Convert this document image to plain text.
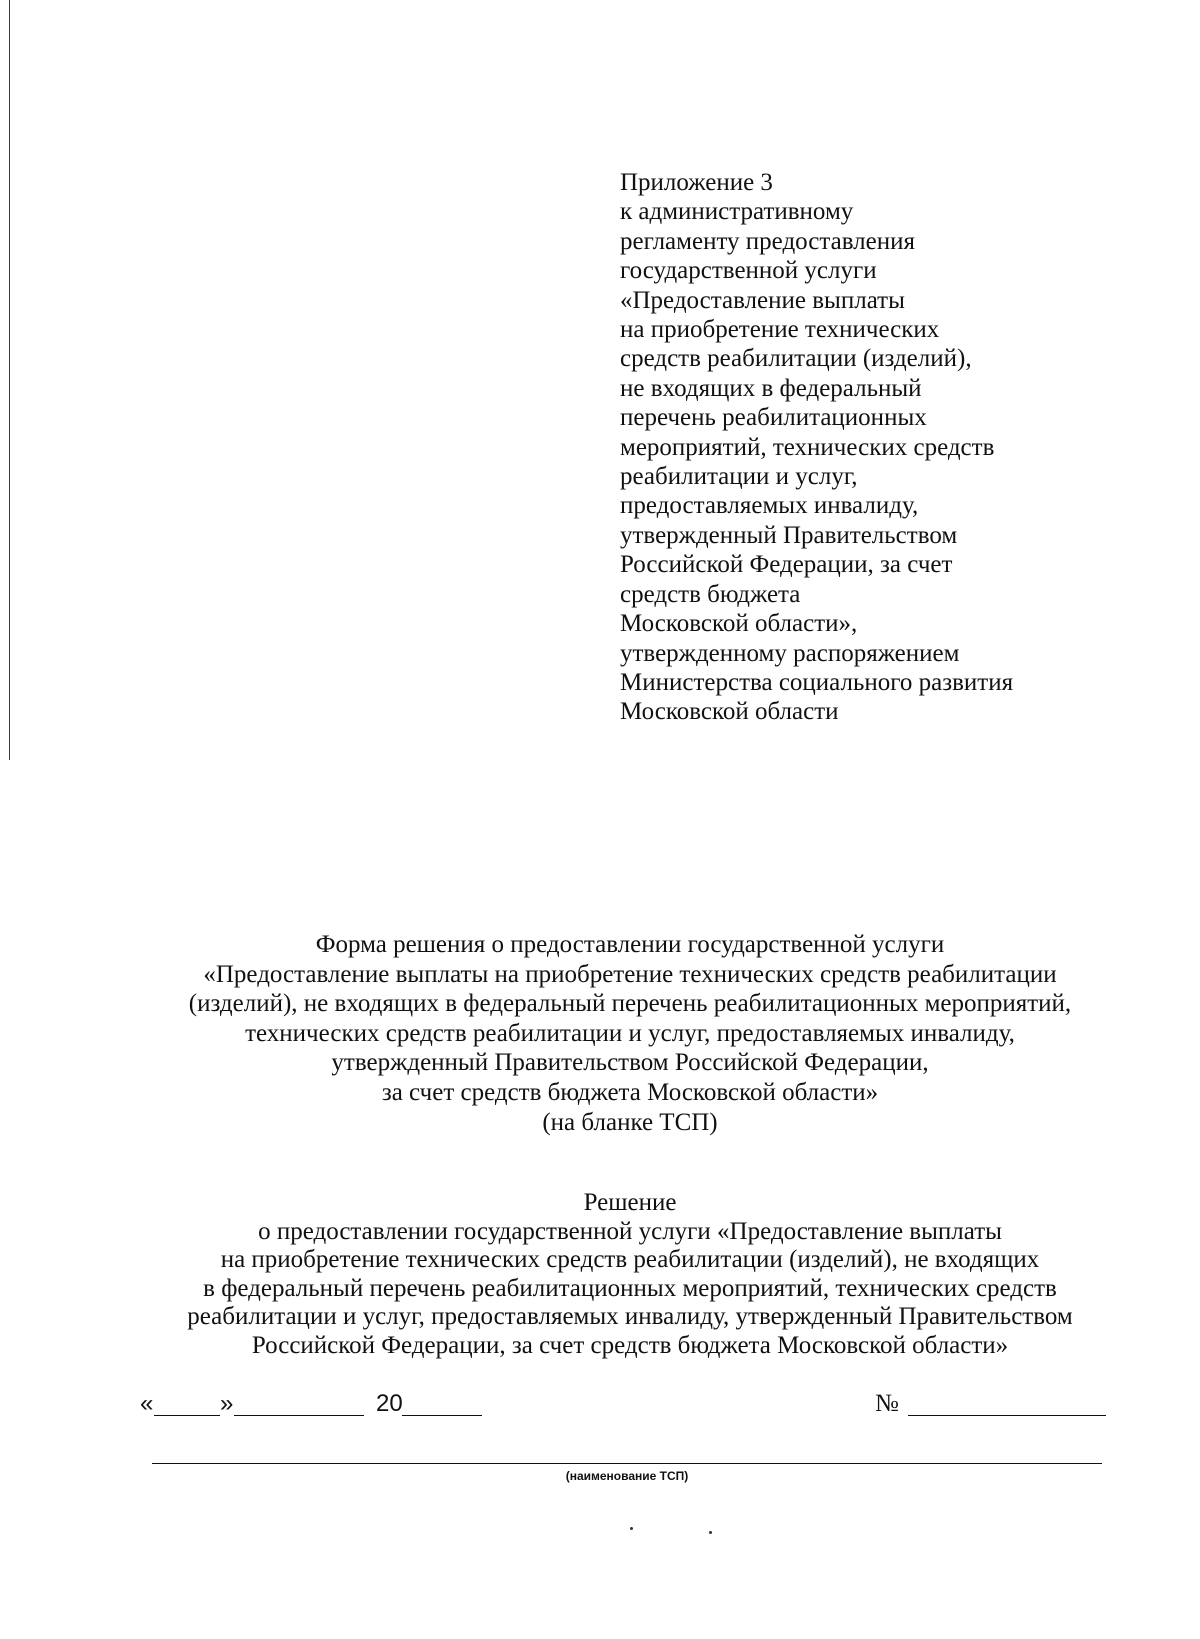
Приложение 3
к административному
регламенту предоставления
государственной услуги
«Предоставление выплаты
на приобретение технических
средств реабилитации (изделий),
не входящих в федеральный
перечень реабилитационных
мероприятий, технических средств
реабилитации и услуг,
предоставляемых инвалиду,
утвержденный Правительством
Российской Федерации, за счет
средств бюджета
Московской области»,
утвержденному распоряжением
Министерства социального развития
Московской области
Форма решения о предоставлении государственной услуги
«Предоставление выплаты на приобретение технических средств реабилитации
(изделий), не входящих в федеральный перечень реабилитационных мероприятий,
технических средств реабилитации и услуг, предоставляемых инвалиду,
утвержденный Правительством Российской Федерации,
за счет средств бюджета Московской области»
(на бланке ТСП)
Решение
о предоставлении государственной услуги «Предоставление выплаты
на приобретение технических средств реабилитации (изделий), не входящих
в федеральный перечень реабилитационных мероприятий, технических средств
реабилитации и услуг, предоставляемых инвалиду, утвержденный Правительством
Российской Федерации, за счет средств бюджета Московской области»
«	»	20	№
(наименование ТСП)
